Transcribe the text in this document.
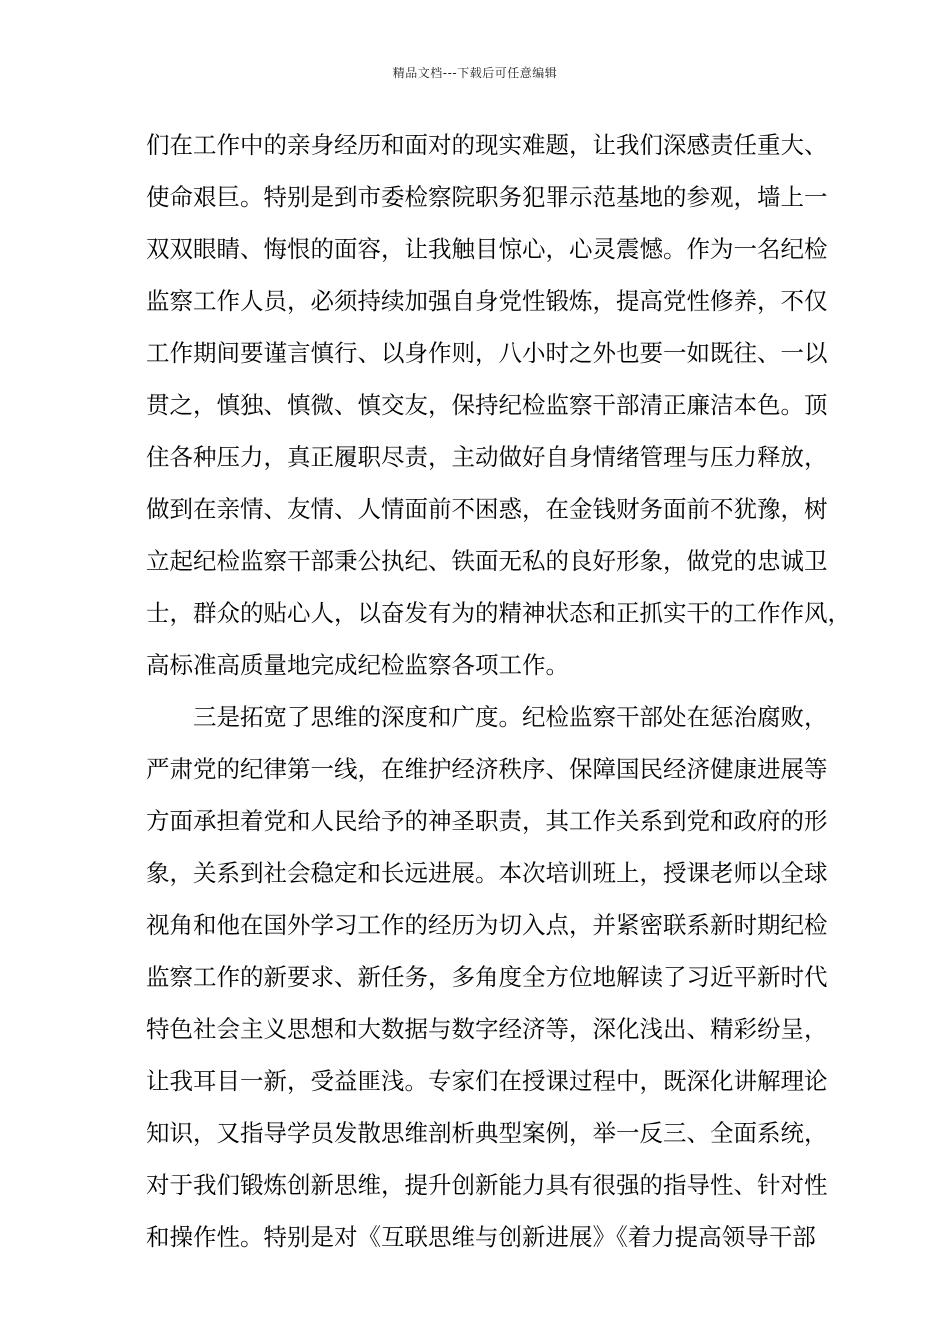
精品文档---下载后可任意编辑
们在工作中的亲身经历和面对的现实难题，让我们深感责任重大、
使命艰巨。特别是到市委检察院职务犯罪示范基地的参观，墙上一
双双眼睛、悔恨的面容，让我触目惊心，心灵震憾。作为一名纪检
监察工作人员，必须持续加强自身党性锻炼，提高党性修养，不仅
工作期间要谨言慎行、以身作则，八小时之外也要一如既往、一以
贯之，慎独、慎微、慎交友，保持纪检监察干部清正廉洁本色。顶
住各种压力，真正履职尽责，主动做好自身情绪管理与压力释放，
做到在亲情、友情、人情面前不困惑，在金钱财务面前不犹豫，树
立起纪检监察干部秉公执纪、铁面无私的良好形象，做党的忠诚卫
士，群众的贴心人，以奋发有为的精神状态和正抓实干的工作作风，
高标准高质量地完成纪检监察各项工作。
三是拓宽了思维的深度和广度。纪检监察干部处在惩治腐败，
严肃党的纪律第一线，在维护经济秩序、保障国民经济健康进展等
方面承担着党和人民给予的神圣职责，其工作关系到党和政府的形
象，关系到社会稳定和长远进展。本次培训班上，授课老师以全球
视角和他在国外学习工作的经历为切入点，并紧密联系新时期纪检
监察工作的新要求、新任务，多角度全方位地解读了习近平新时代
特色社会主义思想和大数据与数字经济等，深化浅出、精彩纷呈，
让我耳目一新，受益匪浅。专家们在授课过程中，既深化讲解理论
知识，又指导学员发散思维剖析典型案例，举一反三、全面系统，
对于我们锻炼创新思维，提升创新能力具有很强的指导性、针对性
和操作性。特别是对《互联思维与创新进展》《着力提高领导干部
